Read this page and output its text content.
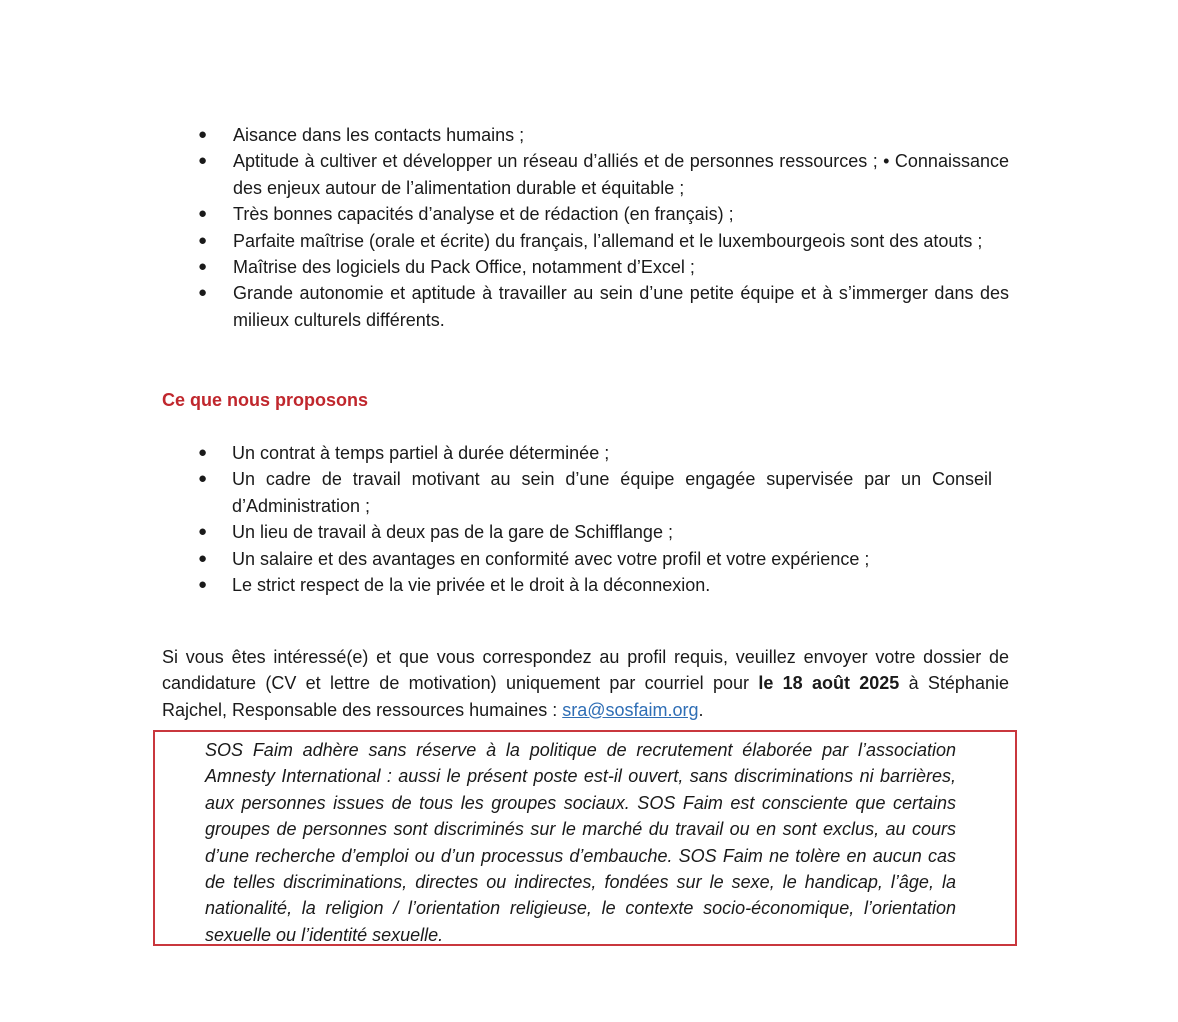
● Aisance dans les contacts humains ;
● Aptitude à cultiver et développer un réseau d’alliés et de personnes ressources ; • Connaissance des enjeux autour de l’alimentation durable et équitable ;
● Très bonnes capacités d’analyse et de rédaction (en français) ;
● Parfaite maîtrise (orale et écrite) du français, l’allemand et le luxembourgeois sont des atouts ;
● Maîtrise des logiciels du Pack Office, notamment d’Excel ;
● Grande autonomie et aptitude à travailler au sein d’une petite équipe et à s’immerger dans des milieux culturels différents.
Ce que nous proposons
● Un contrat à temps partiel à durée déterminée ;
● Un cadre de travail motivant au sein d’une équipe engagée supervisée par un Conseil d’Administration ;
● Un lieu de travail à deux pas de la gare de Schifflange ;
● Un salaire et des avantages en conformité avec votre profil et votre expérience ;
● Le strict respect de la vie privée et le droit à la déconnexion.

Si vous êtes intéressé(e) et que vous correspondez au profil requis, veuillez envoyer votre dossier de candidature (CV et lettre de motivation) uniquement par courriel pour le 18 août 2025 à Stéphanie Rajchel, Responsable des ressources humaines : sra@sosfaim.org.

SOS Faim adhère sans réserve à la politique de recrutement élaborée par l’association Amnesty International : aussi le présent poste est-il ouvert, sans discriminations ni barrières, aux personnes issues de tous les groupes sociaux. SOS Faim est consciente que certains groupes de personnes sont discriminés sur le marché du travail ou en sont exclus, au cours d’une recherche d’emploi ou d’un processus d’embauche. SOS Faim ne tolère en aucun cas de telles discriminations, directes ou indirectes, fondées sur le sexe, le handicap, l’âge, la nationalité, la religion / l’orientation religieuse, le contexte socio-économique, l’orientation sexuelle ou l’identité sexuelle.
